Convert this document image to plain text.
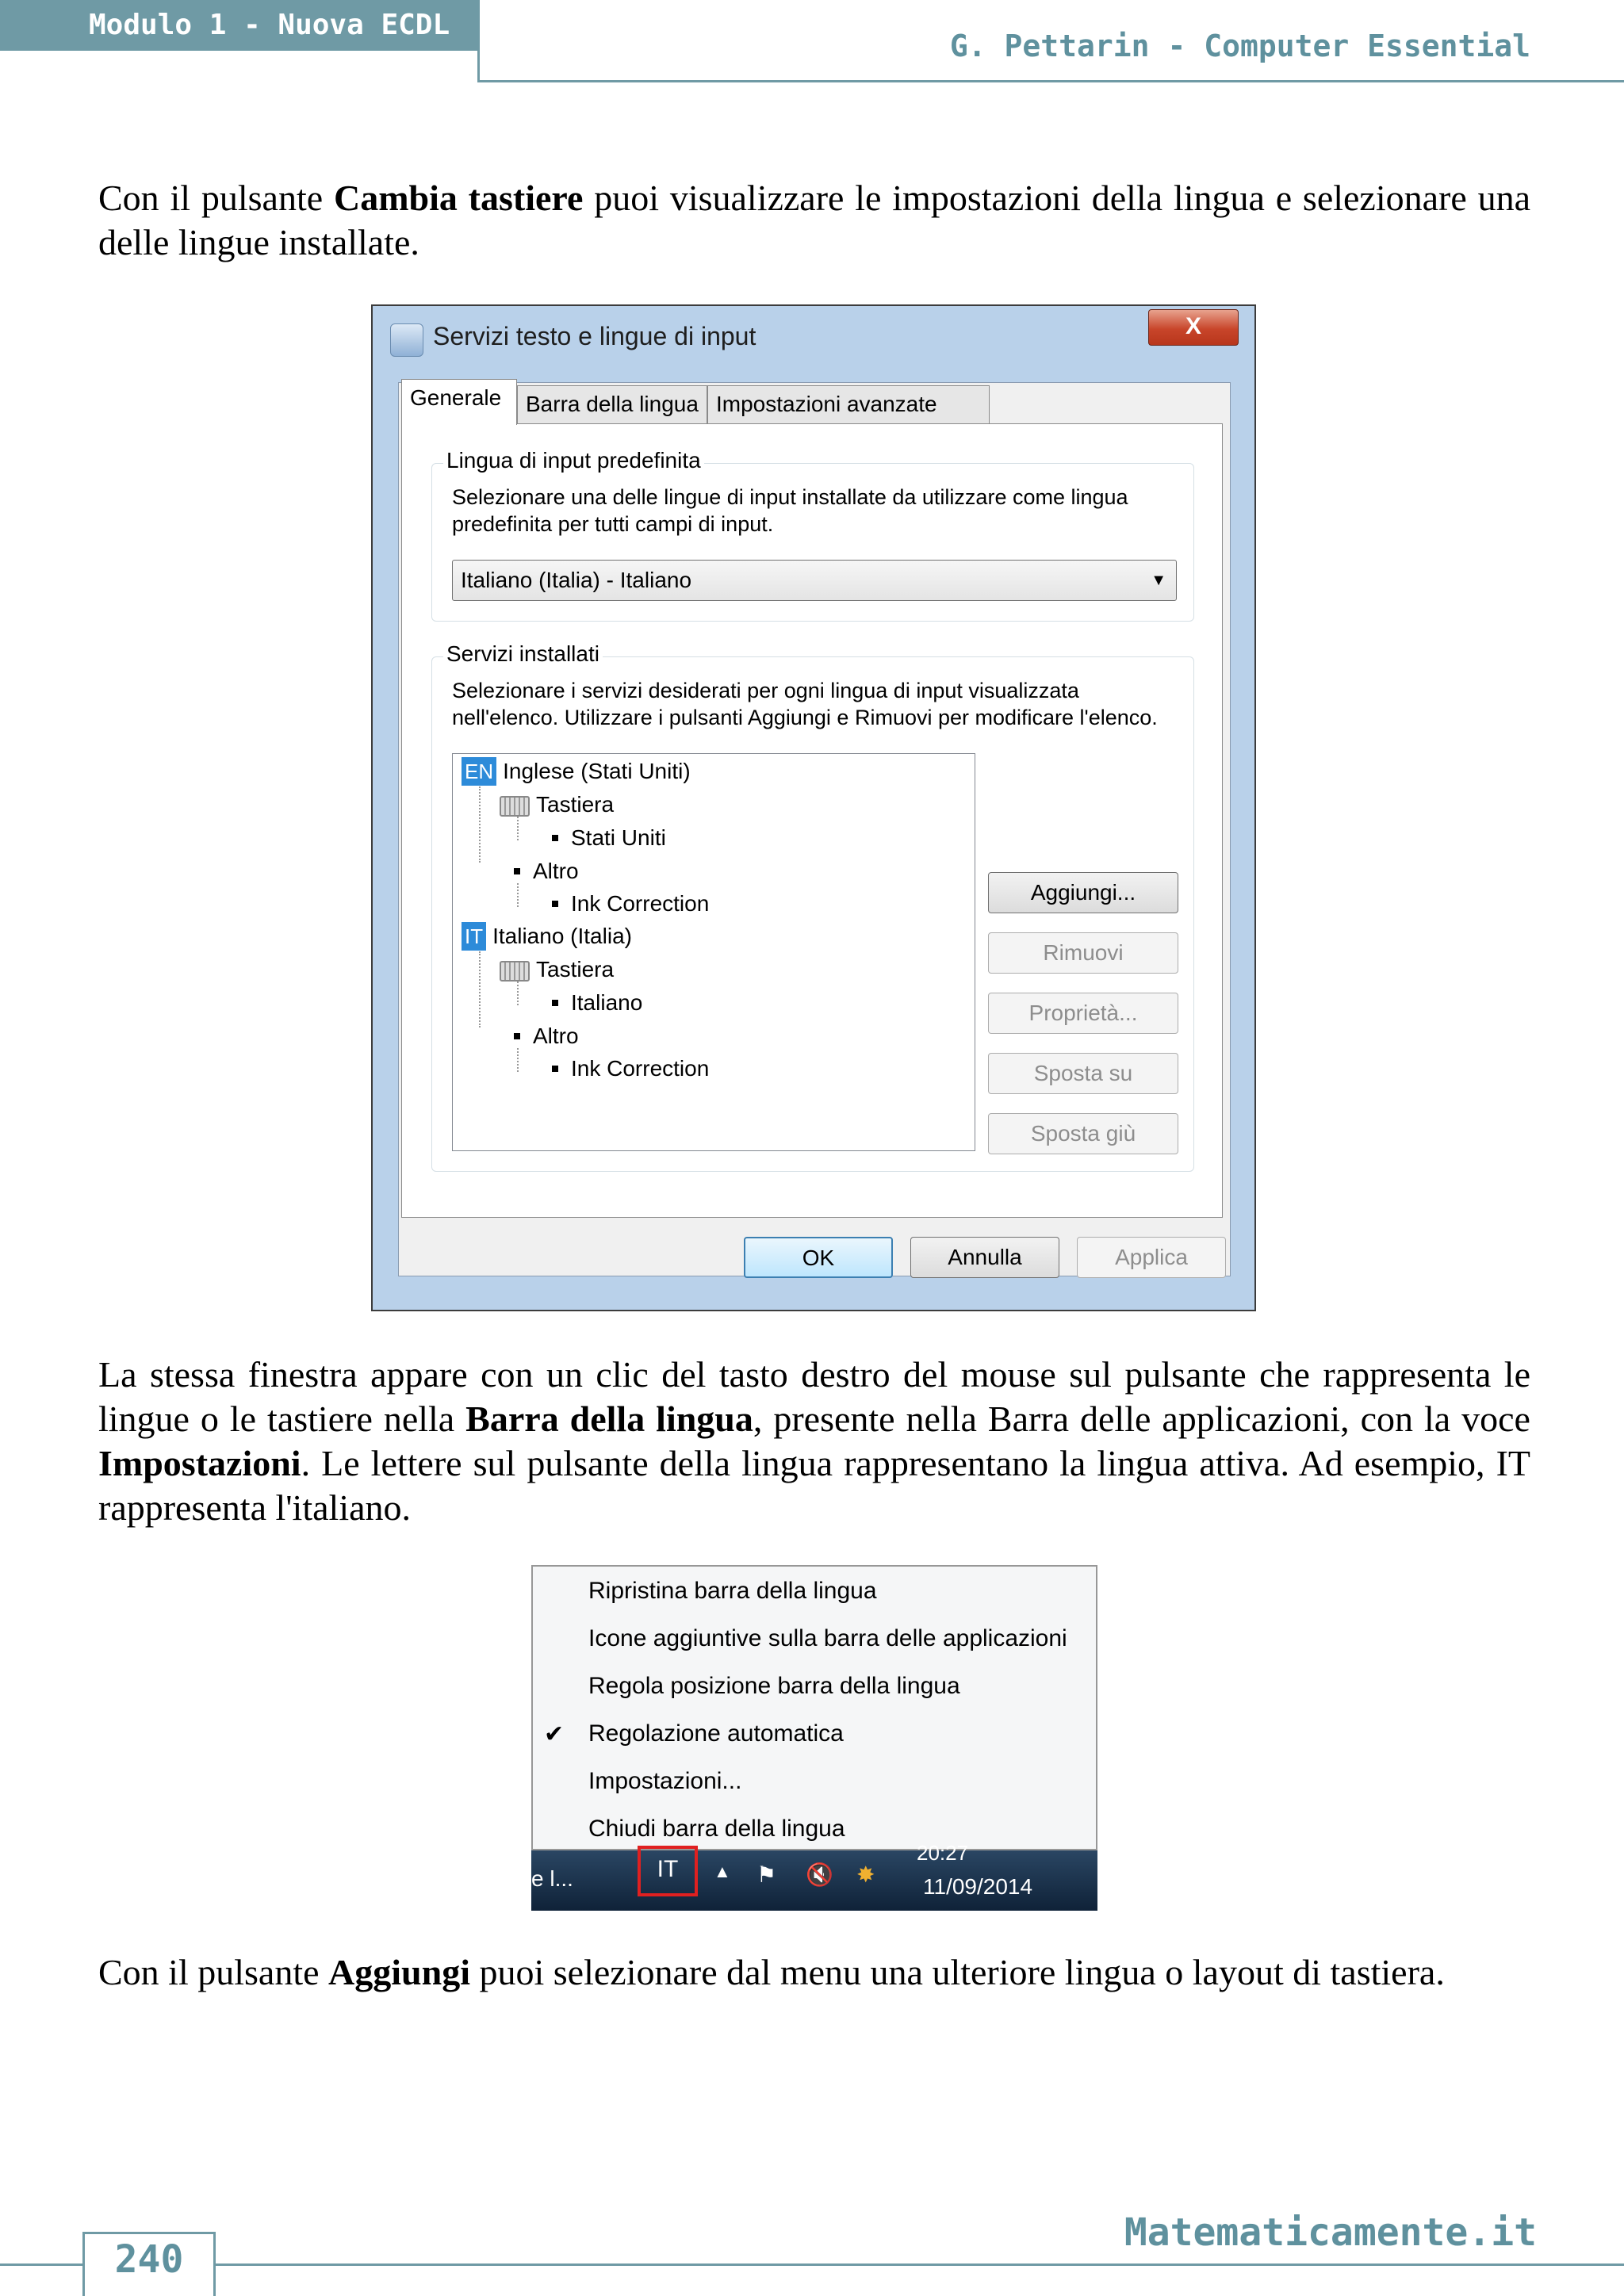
Modulo 1 - Nuova ECDL
G. Pettarin - Computer Essential

Con il pulsante Cambia tastiere puoi visualizzare le impostazioni della lingua e selezionare una delle lingue installate.

Servizi testo e lingue di input	X
Generale	Barra della lingua Impostazioni avanzate
Lingua di input predefinita
Selezionare una delle lingue di input installate da utilizzare come lingua
predefinita per tutti campi di input.
Italiano (Italia) - Italiano	▼
Servizi installati
Selezionare i servizi desiderati per ogni lingua di input visualizzata
nell'elenco. Utilizzare i pulsanti Aggiungi e Rimuovi per modificare l'elenco.
EN Inglese (Stati Uniti)
Tastiera
Stati Uniti
Altro
Ink Correction
IT Italiano (Italia)
Tastiera
Italiano
Altro
Ink Correction
Aggiungi...
Rimuovi
Proprietà...
Sposta su
Sposta giù
OK	Annulla	Applica

La stessa finestra appare con un clic del tasto destro del mouse sul pulsante che rappresenta le lingue o le tastiere nella Barra della lingua, presente nella Barra delle applicazioni, con la voce Impostazioni. Le lettere sul pulsante della lingua rappresentano la lingua attiva. Ad esempio, IT rappresenta l'italiano.

Ripristina barra della lingua
Icone aggiuntive sulla barra delle applicazioni
Regola posizione barra della lingua
✔ Regolazione automatica
Impostazioni...
Chiudi barra della lingua
e l...	▲ ⚑ 🔇 ✸
20:27
11/09/2014
IT

Con il pulsante Aggiungi puoi selezionare dal menu una ulteriore lingua o layout di tastiera.

240
Matematicamente.it
